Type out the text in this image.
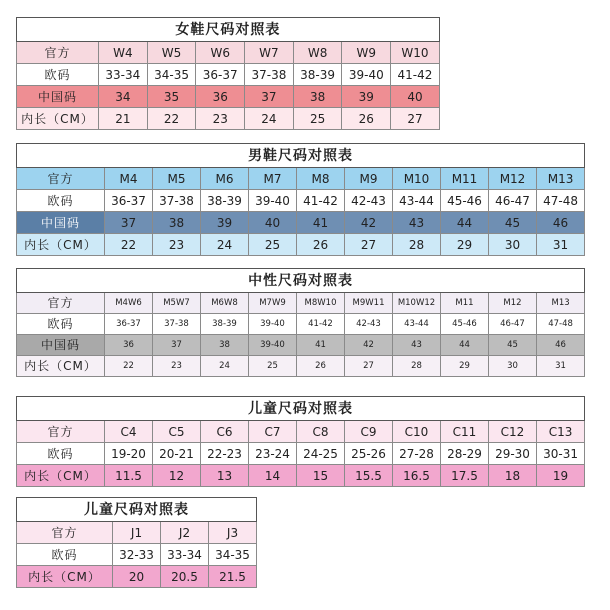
女鞋尺码对照表							
官方	W4	W5	W6	W7	W8	W9	W10
欧码	33-34	34-35	36-37	37-38	38-39	39-40	41-42
中国码	34	35	36	37	38	39	40
内长（CM）	21	22	23	24	25	26	27
男鞋尺码对照表										
官方	M4	M5	M6	M7	M8	M9	M10	M11	M12	M13
欧码	36-37	37-38	38-39	39-40	41-42	42-43	43-44	45-46	46-47	47-48
中国码	37	38	39	40	41	42	43	44	45	46
内长（CM）	22	23	24	25	26	27	28	29	30	31
中性尺码对照表										
官方	M4W6	M5W7	M6W8	M7W9	M8W10	M9W11	M10W12	M11	M12	M13
欧码	36-37	37-38	38-39	39-40	41-42	42-43	43-44	45-46	46-47	47-48
中国码	36	37	38	39-40	41	42	43	44	45	46
内长（CM）	22	23	24	25	26	27	28	29	30	31
儿童尺码对照表										
官方	C4	C5	C6	C7	C8	C9	C10	C11	C12	C13
欧码	19-20	20-21	22-23	23-24	24-25	25-26	27-28	28-29	29-30	30-31
内长（CM）	11.5	12	13	14	15	15.5	16.5	17.5	18	19
儿童尺码对照表			
官方	J1	J2	J3
欧码	32-33	33-34	34-35
内长（CM）	20	20.5	21.5
